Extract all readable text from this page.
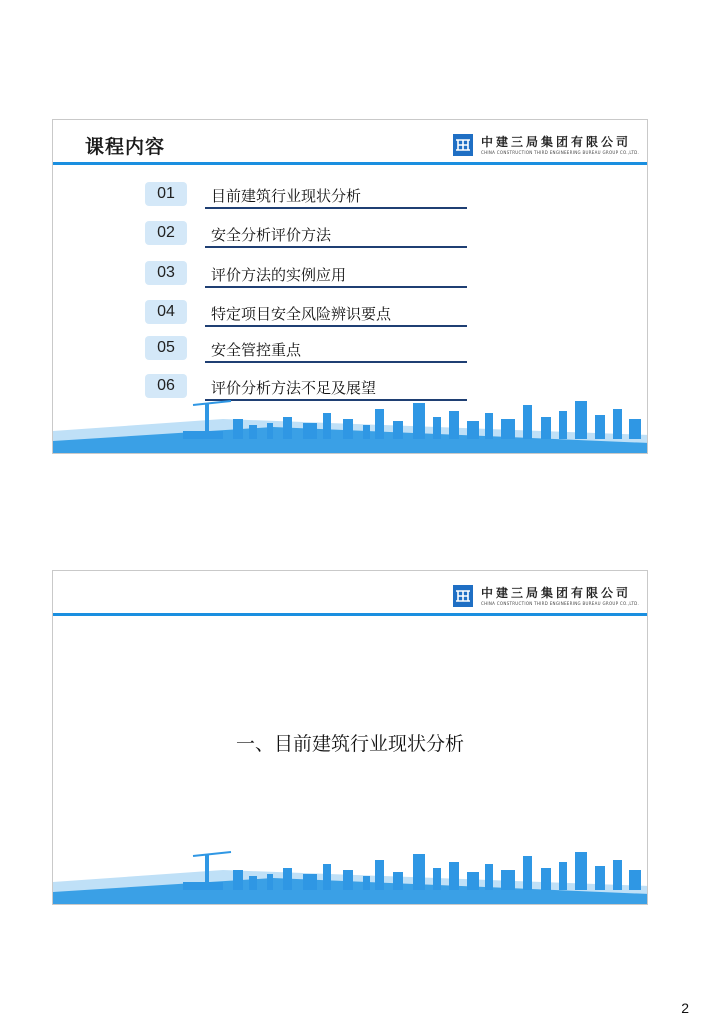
课程内容	中建三局集团有限公司
CHINA CONSTRUCTION THIRD ENGINEERING BUREAU GROUP CO.,LTD.
01	目前建筑行业现状分析
02	安全分析评价方法
03	评价方法的实例应用
04	特定项目安全风险辨识要点
05	安全管控重点
06	评价分析方法不足及展望
中建三局集团有限公司
CHINA CONSTRUCTION THIRD ENGINEERING BUREAU GROUP CO.,LTD.
一、目前建筑行业现状分析
2
